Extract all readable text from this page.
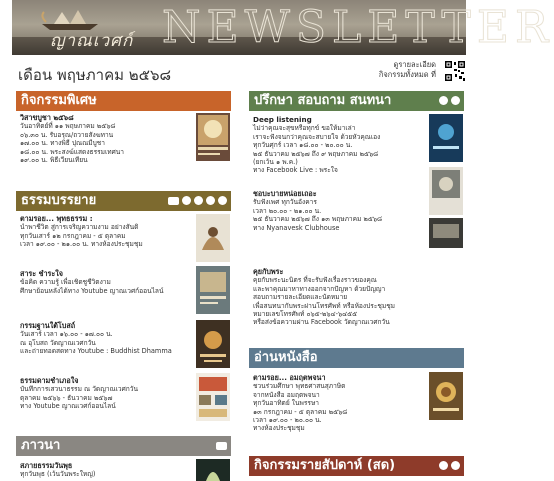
ญาณเวศก์ NEWSLETTER
เดือน พฤษภาคม ๒๕๖๘
ดูรายละเอียด
กิจกรรมทั้งหมด ที่
กิจกรรมพิเศษ
วิสาขบูชา ๒๕๖๘
วันอาทิตย์ที่ ๑๑ พฤษภาคม ๒๕๖๘
๐๖.๓๐ น. รับอรุณ/ถวายสังฆทาน
๑๗.๐๐ น. ทางพิธี ปุณณมีบูชา
๑๘.๐๐ น. พระสงฆ์แสดงธรรมเทศนา
๑๙.๐๐ น. พิธีเวียนเทียน
ธรรมบรรยาย
ตามรอย... พุทธธรรม :
นำพาชีวิต สู่การเจริญความงาม อย่างสันติ
ทุกวันเสาร์ ๑๒ กรกฎาคม - ๕ ตุลาคม
เวลา ๑๙.๐๐ - ๒๑.๐๐ น. ทางห้องประชุมชุม
สาระ ชำระใจ
ข้อคิด ความรู้ เพื่อเชิดชูชีวิตงาม
ศึกษาย้อนหลังได้ทาง Youtube ญาณเวศก์ออนไลน์
กรรมฐานใต้โบสถ์
วันเสาร์ เวลา ๑๖.๐๐ - ๑๗.๐๐ น.
ณ อุโบสถ วัดญาณเวศกวัน
และถ่ายทอดสดทาง Youtube : Buddhist Dhamma
ธรรมดามชำเภอใจ
บันทึกการเสวนาธรรม ณ วัดญาณเวศกวัน
ตุลาคม ๒๕๖๖ - ธันวาคม ๒๕๖๗
ทาง Youtube ญาณเวศก์ออนไลน์
ภาวนา
สภายธรรมวันพุธ
ทุกวันพุธ (เว้นวันพระใหญ่)
ปรึกษา สอบถาม สนทนา
Deep listening
ไม่ว่าคุณจะสุขหรือทุกข์ ขอให้มาเล่า
เราจะฟังจนกว่าคุณจะสบายใจ ด้วยหัวคุณเอง
ทุกวันศุกร์ เวลา ๑๘.๐๐ - ๒๐.๐๐ น.
๒๕ ธันวาคม ๒๕๖๗ ถึง ๙ พฤษภาคม ๒๕๖๘
(ยกเว้น ๑ พ.ค.)
ทาง Facebook Live : พระใจ
ชอบะบายหน่อยเถอะ
รับฟังเพศ ทุกวันอังคาร
เวลา ๒๐.๐๐ - ๒๑.๐๐ น.
๒๕ ธันวาคม ๒๕๖๗ ถึง ๑๓ พฤษภาคม ๒๕๖๘
ทาง Nyanavesk Clubhouse
คุยกับพระ
คุยกับพระนะนิตร ที่จะรับฟังเรื่องราวของคุณ
และพาคุณมาหาทางออกจากปัญหา ด้วยปัญญา
สอบถามรายละเอียดและนัดหมาย
เพื่อสนทนากับพระผ่านโทรศัพท์ หรือห้องประชุมชุม
หมายเลขโทรศัพท์ ๐๖๕-๒๖๔-๖๔๕๕
หรือส่งข้อความผ่าน Facebook วัดญาณเวศกวัน
อ่านหนังสือ
ตามรอย... อมฤตพจนา
ชวนร่วมศึกษา พุทธศาสนสุภาษิต
จากหนังสือ อมฤตพจนา
ทุกวันอาทิตย์ ในพรรษา
๑๓ กรกฎาคม - ๕ ตุลาคม ๒๕๖๘
เวลา ๑๙.๐๐ - ๒๐.๐๐ น.
ทางห้องประชุมชุม
กิจกรรมรายสัปดาห์ (สด)
